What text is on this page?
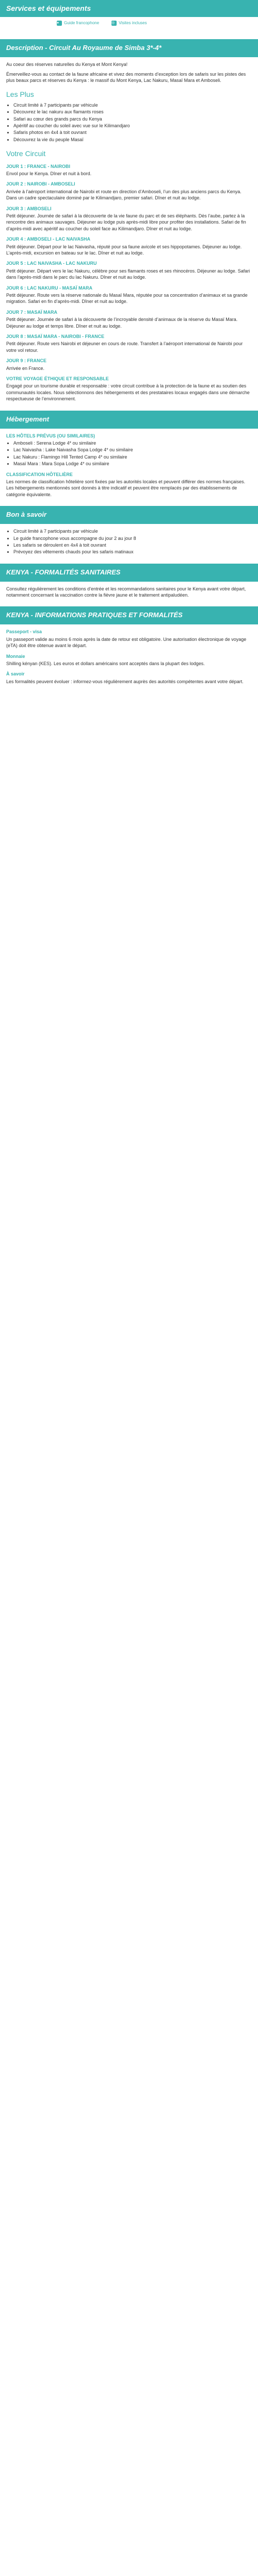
Services et équipements
●	Guide francophone	◎ Visites incluses
Description - Circuit Au Royaume de Simba 3*-4*

Au coeur des réserves naturelles du Kenya et Mont Kenya!

Émerveillez-vous au contact de la faune africaine et vivez des moments d’exception lors de safaris sur les pistes des plus beaux parcs et réserves du Kenya : le massif du Mont Kenya, Lac Nakuru, Masaï Mara et Amboseli.

Les Plus
• Circuit limité à 7 participants par véhicule
• Découvrez le lac nakuru aux flamants roses
• Safari au cœur des grands parcs du Kenya
• Apéritif au coucher du soleil avec vue sur le Kilimandjaro
• Safaris photos en 4x4 à toit ouvrant
• Découvrez la vie du peuple Masaï
Votre Circuit
JOUR 1 : FRANCE - NAIROBI

Envol pour le Kenya. Dîner et nuit à bord.

JOUR 2 : NAIROBI - AMBOSELI

Arrivée à l’aéroport international de Nairobi et route en direction d’Amboseli, l’un des plus anciens parcs du Kenya. Dans un cadre spectaculaire dominé par le Kilimandjaro, premier safari. Dîner et nuit au lodge.

JOUR 3 : AMBOSELI

Petit déjeuner. Journée de safari à la découverte de la vie faune du parc et de ses éléphants. Dès l’aube, partez à la rencontre des animaux sauvages. Déjeuner au lodge puis après-midi libre pour profiter des installations. Safari de fin d’après-midi avec apéritif au coucher du soleil face au Kilimandjaro. Dîner et nuit au lodge.

JOUR 4 : AMBOSELI - LAC NAIVASHA

Petit déjeuner. Départ pour le lac Naivasha, réputé pour sa faune avicole et ses hippopotames. Déjeuner au lodge. L’après-midi, excursion en bateau sur le lac. Dîner et nuit au lodge.

JOUR 5 : LAC NAIVASHA - LAC NAKURU

Petit déjeuner. Départ vers le lac Nakuru, célèbre pour ses flamants roses et ses rhinocéros. Déjeuner au lodge. Safari dans l’après-midi dans le parc du lac Nakuru. Dîner et nuit au lodge.

JOUR 6 : LAC NAKURU - MASAÏ MARA

Petit déjeuner. Route vers la réserve nationale du Masaï Mara, réputée pour sa concentration d’animaux et sa grande migration. Safari en fin d’après-midi. Dîner et nuit au lodge.

JOUR 7 : MASAÏ MARA

Petit déjeuner. Journée de safari à la découverte de l’incroyable densité d’animaux de la réserve du Masaï Mara. Déjeuner au lodge et temps libre. Dîner et nuit au lodge.

JOUR 8 : MASAÏ MARA - NAIROBI - FRANCE

Petit déjeuner. Route vers Nairobi et déjeuner en cours de route. Transfert à l’aéroport international de Nairobi pour votre vol retour.

JOUR 9 : FRANCE

Arrivée en France.

VOTRE VOYAGE ÉTHIQUE ET RESPONSABLE

Engagé pour un tourisme durable et responsable : votre circuit contribue à la protection de la faune et au soutien des communautés locales. Nous sélectionnons des hébergements et des prestataires locaux engagés dans une démarche respectueuse de l’environnement.

Hébergement
LES HÔTELS PRÉVUS (OU SIMILAIRES)
• Amboseli : Serena Lodge 4* ou similaire
• Lac Naivasha : Lake Naivasha Sopa Lodge 4* ou similaire
• Lac Nakuru : Flamingo Hill Tented Camp 4* ou similaire
• Masaï Mara : Mara Sopa Lodge 4* ou similaire
CLASSIFICATION HÔTELIÈRE

Les normes de classification hôtelière sont fixées par les autorités locales et peuvent différer des normes françaises. Les hébergements mentionnés sont donnés à titre indicatif et peuvent être remplacés par des établissements de catégorie équivalente.

Bon à savoir
• Circuit limité à 7 participants par véhicule
• Le guide francophone vous accompagne du jour 2 au jour 8
• Les safaris se déroulent en 4x4 à toit ouvrant
• Prévoyez des vêtements chauds pour les safaris matinaux
KENYA - FORMALITÉS SANITAIRES

Consultez régulièrement les conditions d’entrée et les recommandations sanitaires pour le Kenya avant votre départ, notamment concernant la vaccination contre la fièvre jaune et le traitement antipaludéen.

KENYA - INFORMATIONS PRATIQUES ET FORMALITÉS
Passeport - visa

Un passeport valide au moins 6 mois après la date de retour est obligatoire. Une autorisation électronique de voyage (eTA) doit être obtenue avant le départ.

Monnaie

Shilling kényan (KES). Les euros et dollars américains sont acceptés dans la plupart des lodges.

À savoir

Les formalités peuvent évoluer : informez-vous régulièrement auprès des autorités compétentes avant votre départ.
